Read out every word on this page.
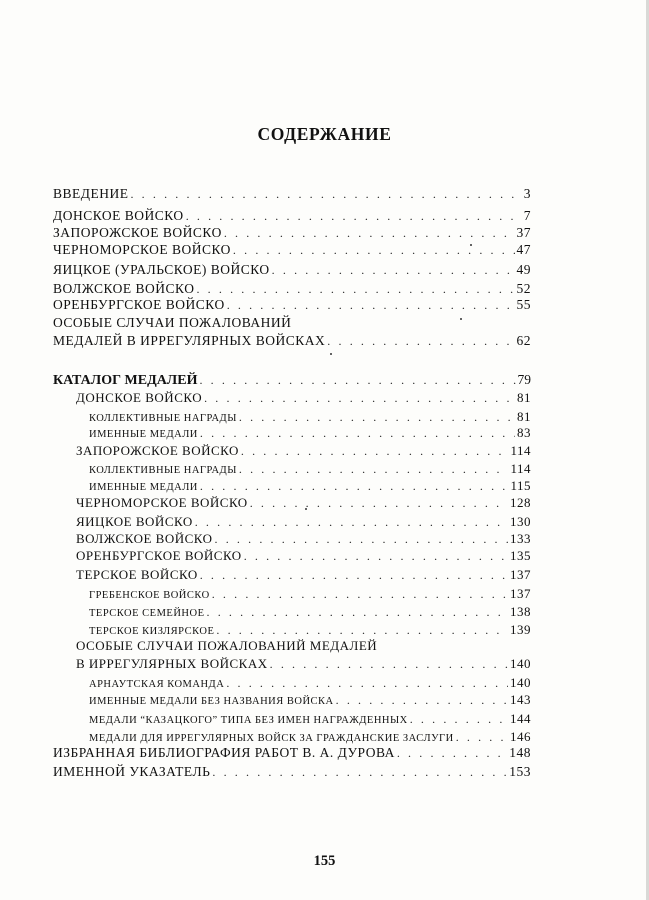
СОДЕРЖАНИЕ
ВВЕДЕНИЕ . . .	3
ДОНСКОЕ ВОЙСКО . . .	7
ЗАПОРОЖСКОЕ ВОЙСКО . . .	37
ЧЕРНОМОРСКОЕ ВОЙСКО . . .	47
ЯИЦКОЕ (УРАЛЬСКОЕ) ВОЙСКО . . .	49
ВОЛЖСКОЕ ВОЙСКО . . .	52
ОРЕНБУРГСКОЕ ВОЙСКО . . .	55
ОСОБЫЕ СЛУЧАИ ПОЖАЛОВАНИЙ
МЕДАЛЕЙ В ИРРЕГУЛЯРНЫХ ВОЙСКАХ . . .	62
КАТАЛОГ МЕДАЛЕЙ . . .	79
ДОНСКОЕ ВОЙСКО . . .	81
КОЛЛЕКТИВНЫЕ НАГРАДЫ . . .	81
ИМЕННЫЕ МЕДАЛИ . . .	83
ЗАПОРОЖСКОЕ ВОЙСКО . . .	114
КОЛЛЕКТИВНЫЕ НАГРАДЫ . . .	114
ИМЕННЫЕ МЕДАЛИ . . .	115
ЧЕРНОМОРСКОЕ ВОЙСКО . . .	128
ЯИЦКОЕ ВОЙСКО . . .	130
ВОЛЖСКОЕ ВОЙСКО . . .	133
ОРЕНБУРГСКОЕ ВОЙСКО . . .	135
ТЕРСКОЕ ВОЙСКО . . .	137
ГРЕБЕНСКОЕ ВОЙСКО . . .	137
ТЕРСКОЕ СЕМЕЙНОЕ . . .	138
ТЕРСКОЕ КИЗЛЯРСКОЕ . . .	139
ОСОБЫЕ СЛУЧАИ ПОЖАЛОВАНИЙ МЕДАЛЕЙ
В ИРРЕГУЛЯРНЫХ ВОЙСКАХ . . .	140
АРНАУТСКАЯ КОМАНДА . . .	140
ИМЕННЫЕ МЕДАЛИ БЕЗ НАЗВАНИЯ ВОЙСКА . . .	143
МЕДАЛИ “КАЗАЦКОГО” ТИПА БЕЗ ИМЕН НАГРАЖДЕННЫХ . . .	144
МЕДАЛИ ДЛЯ ИРРЕГУЛЯРНЫХ ВОЙСК ЗА ГРАЖДАНСКИЕ ЗАСЛУГИ . . .	146
ИЗБРАННАЯ БИБЛИОГРАФИЯ РАБОТ В. А. ДУРОВА . . .	148
ИМЕННОЙ УКАЗАТЕЛЬ . . .	153
155
